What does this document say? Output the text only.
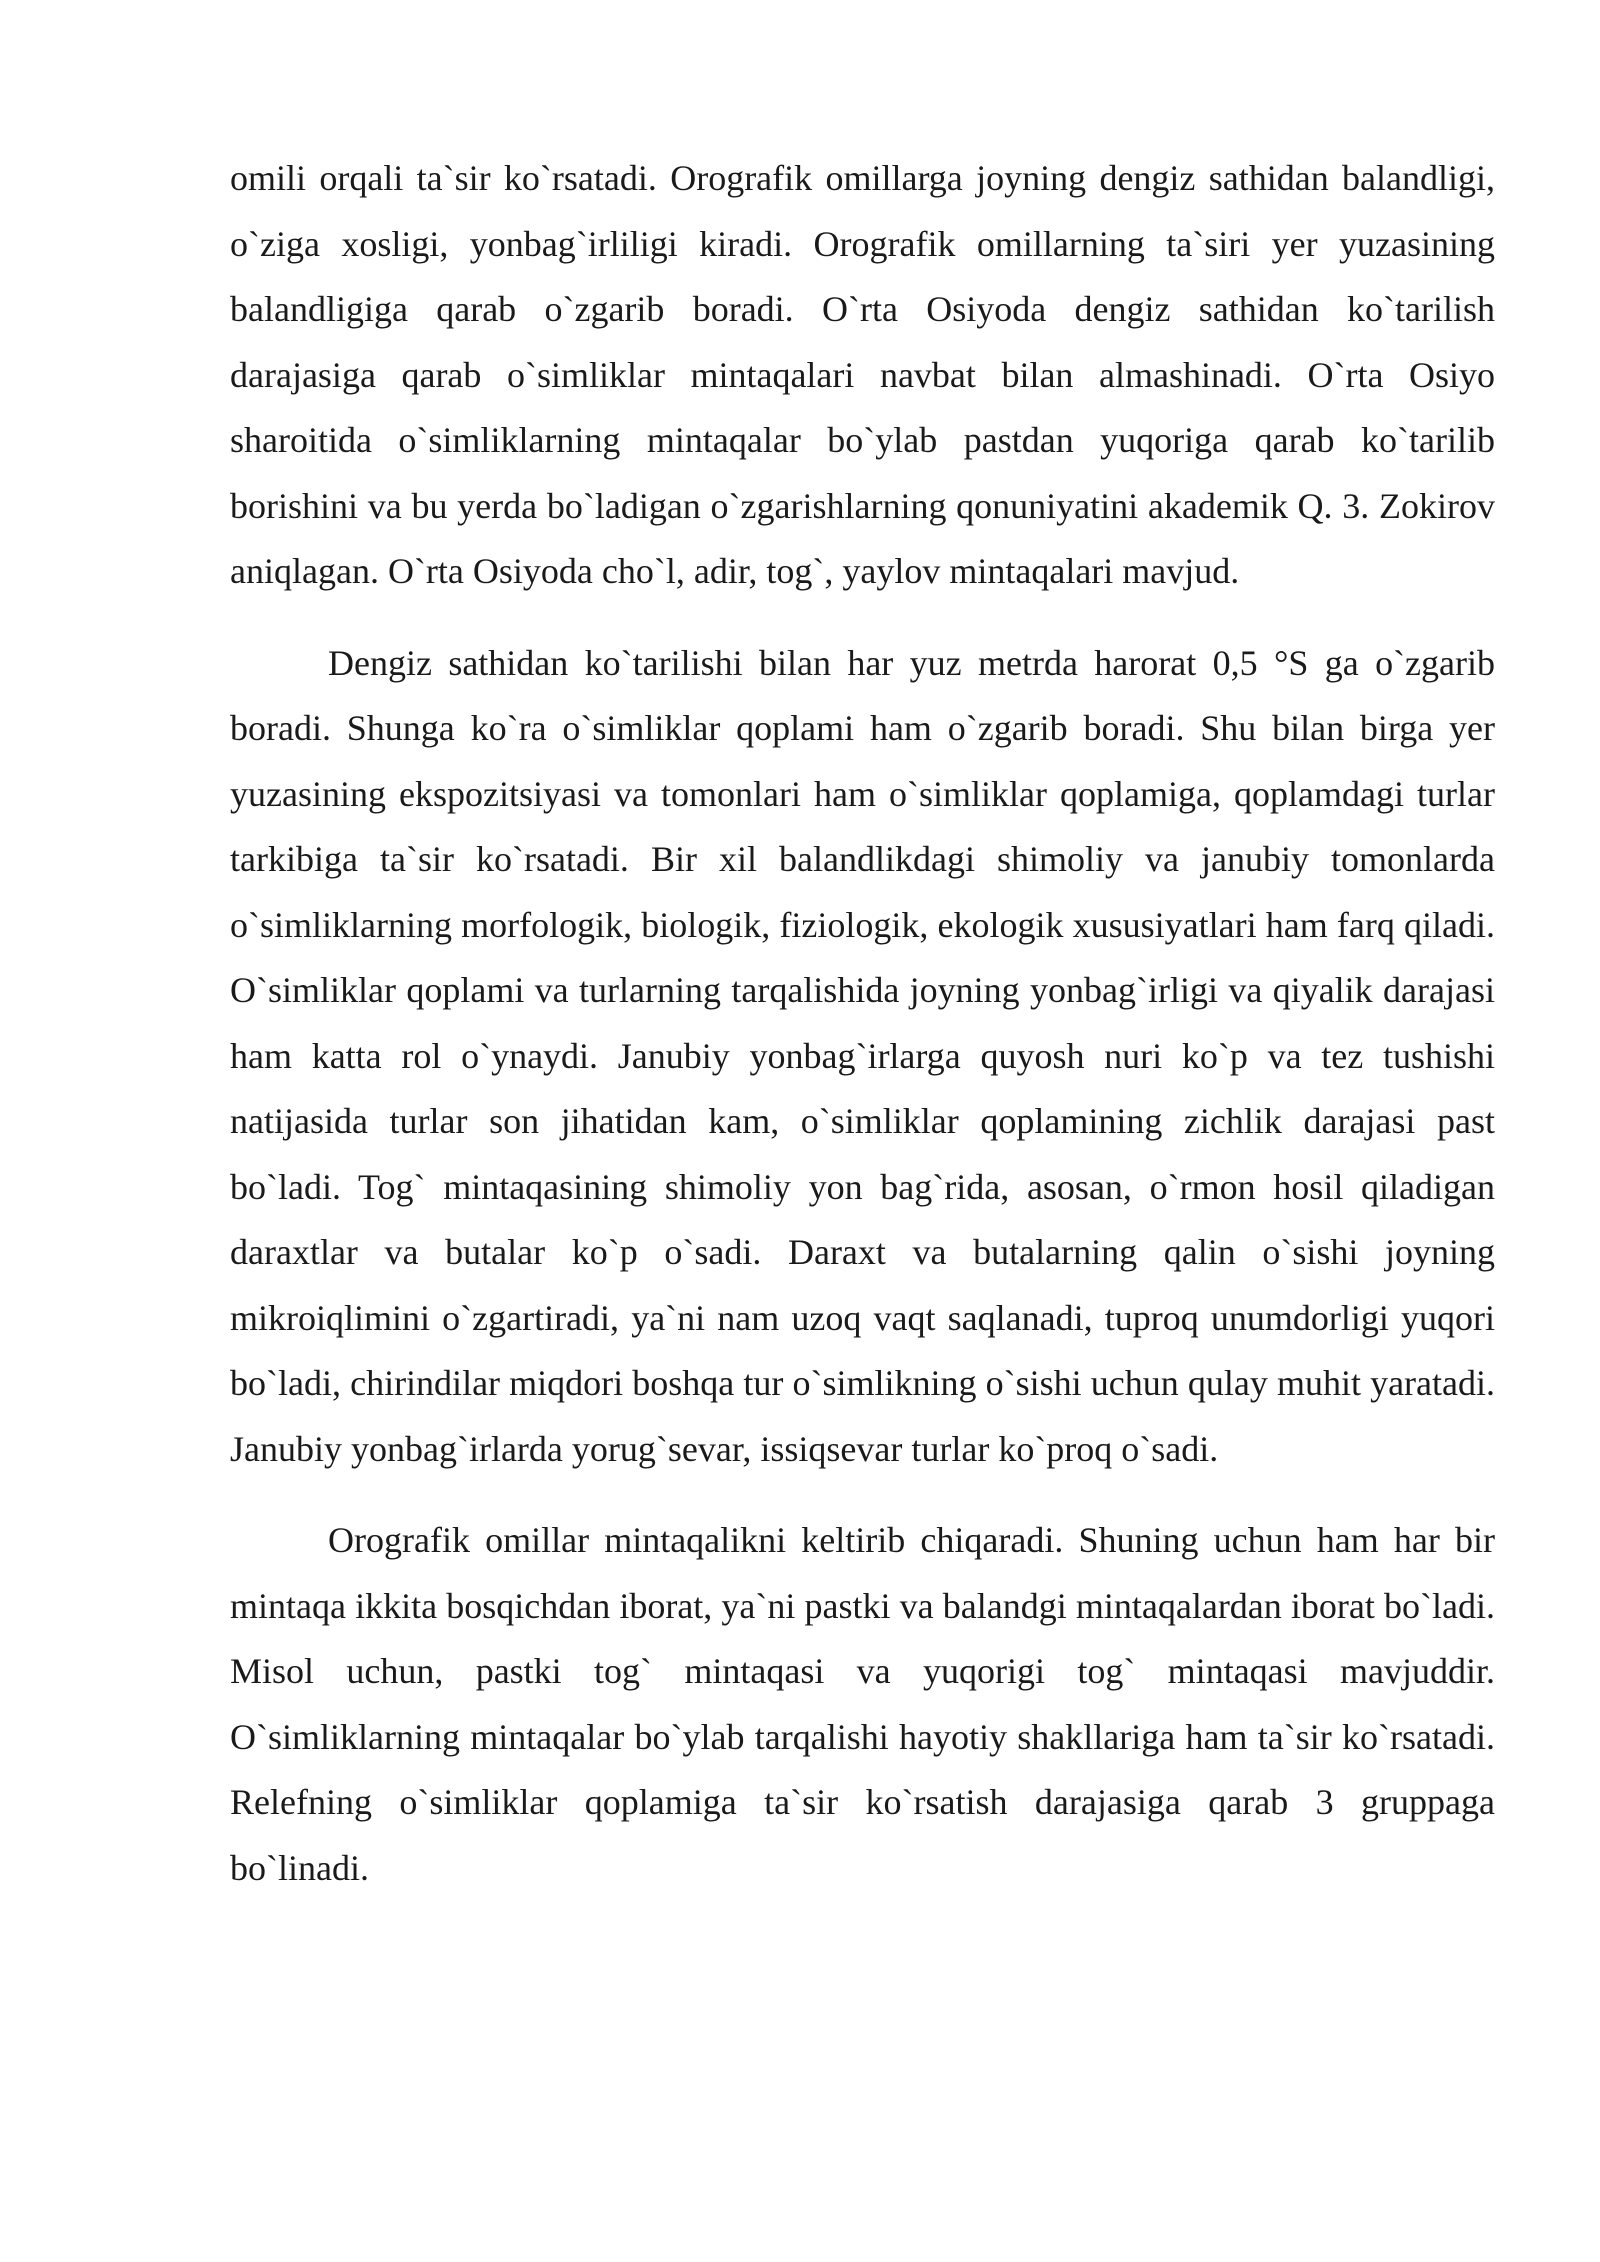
omili orqali ta`sir ko`rsatadi. Orografik omillarga joyning dengiz sathidan balandligi, o`ziga xosligi, yonbag`irliligi kiradi. Orografik omillarning ta`siri yer yuzasining balandligiga qarab o`zgarib boradi. O`rta Osiyoda dengiz sathidan ko`tarilish darajasiga qarab o`simliklar mintaqalari navbat bilan almashinadi. O`rta Osiyo sharoitida o`simliklarning mintaqalar bo`ylab pastdan yuqoriga qarab ko`tarilib borishini va bu yerda bo`ladigan o`zgarishlarning qonuniyatini akademik Q. 3. Zokirov aniqlagan. O`rta Osiyoda cho`l, adir, tog`, yaylov mintaqalari mavjud.

Dengiz sathidan ko`tarilishi bilan har yuz metrda harorat 0,5 °S ga o`zgarib boradi. Shunga ko`ra o`simliklar qoplami ham o`zgarib boradi. Shu bilan birga yer yuzasining ekspozitsiyasi va tomonlari ham o`simliklar qoplamiga, qoplamdagi turlar tarkibiga ta`sir ko`rsatadi. Bir xil balandlikdagi shimoliy va janubiy tomonlarda o`simliklarning morfologik, biologik, fiziologik, ekologik xususiyatlari ham farq qiladi. O`simliklar qoplami va turlarning tarqalishida joyning yonbag`irligi va qiyalik darajasi ham katta rol o`ynaydi. Janubiy yonbag`irlarga quyosh nuri ko`p va tez tushishi natijasida turlar son jihatidan kam, o`simliklar qoplamining zichlik darajasi past bo`ladi. Tog` mintaqasining shimoliy yon bag`rida, asosan, o`rmon hosil qiladigan daraxtlar va butalar ko`p o`sadi. Daraxt va butalarning qalin o`sishi joyning mikroiqlimini o`zgartiradi, ya`ni nam uzoq vaqt saqlanadi, tuproq unumdorligi yuqori bo`ladi, chirindilar miqdori boshqa tur o`simlikning o`sishi uchun qulay muhit yaratadi. Janubiy yonbag`irlarda yorug`sevar, issiqsevar turlar ko`proq o`sadi.

Orografik omillar mintaqalikni keltirib chiqaradi. Shuning uchun ham har bir mintaqa ikkita bosqichdan iborat, ya`ni pastki va balandgi mintaqalardan iborat bo`ladi. Misol uchun, pastki tog` mintaqasi va yuqorigi tog` mintaqasi mavjuddir. O`simliklarning mintaqalar bo`ylab tarqalishi hayotiy shakllariga ham ta`sir ko`rsatadi. Relefning o`simliklar qoplamiga ta`sir ko`rsatish darajasiga qarab 3 gruppaga bo`linadi.
